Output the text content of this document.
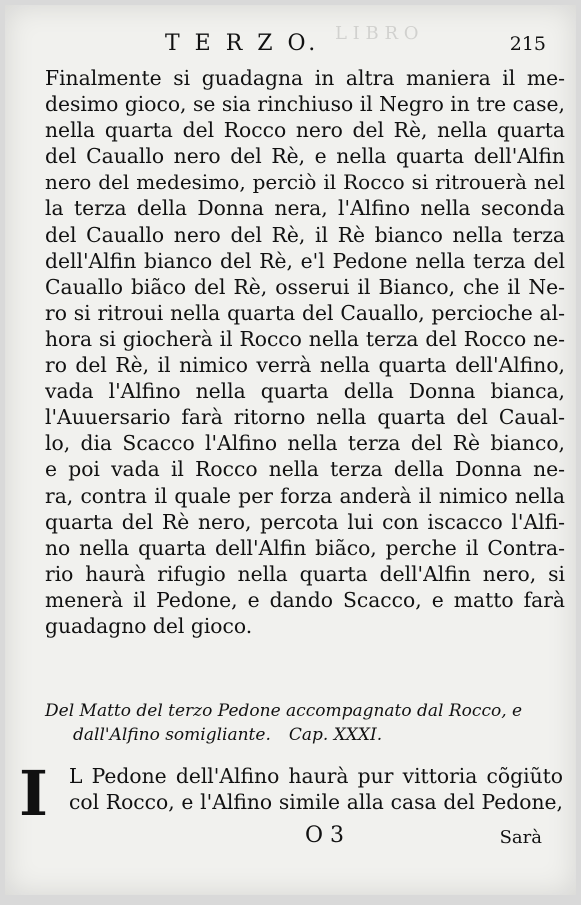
L I B R O
T E R Z O.	215
Finalmente si guadagna in altra maniera il me-
desimo gioco, se sia rinchiuso il Negro in tre case,
nella quarta del Rocco nero del Rè, nella quarta
del Cauallo nero del Rè, e nella quarta dell'Alfin
nero del medesimo, perciò il Rocco si ritrouerà nel
la terza della Donna nera, l'Alfino nella seconda
del Cauallo nero del Rè, il Rè bianco nella terza
dell'Alfin bianco del Rè, e'l Pedone nella terza del
Cauallo biãco del Rè, osserui il Bianco, che il Ne-
ro si ritroui nella quarta del Cauallo, percioche al-
hora si giocherà il Rocco nella terza del Rocco ne-
ro del Rè, il nimico verrà nella quarta dell'Alfino,
vada l'Alfino nella quarta della Donna bianca,
l'Auuersario farà ritorno nella quarta del Caual-
lo, dia Scacco l'Alfino nella terza del Rè bianco,
e poi vada il Rocco nella terza della Donna ne-
ra, contra il quale per forza anderà il nimico nella
quarta del Rè nero, percota lui con iscacco l'Alfi-
no nella quarta dell'Alfin biãco, perche il Contra-
rio haurà rifugio nella quarta dell'Alfin nero, si
menerà il Pedone, e dando Scacco, e matto farà
guadagno del gioco.
Del Matto del terzo Pedone accompagnato dal Rocco, e
dall'Alfino somigliante. Cap. XXXI.
I L Pedone dell'Alfino haurà pur vittoria cõgiũto
col Rocco, e l'Alfino simile alla casa del Pedone,
O 3	Sarà
